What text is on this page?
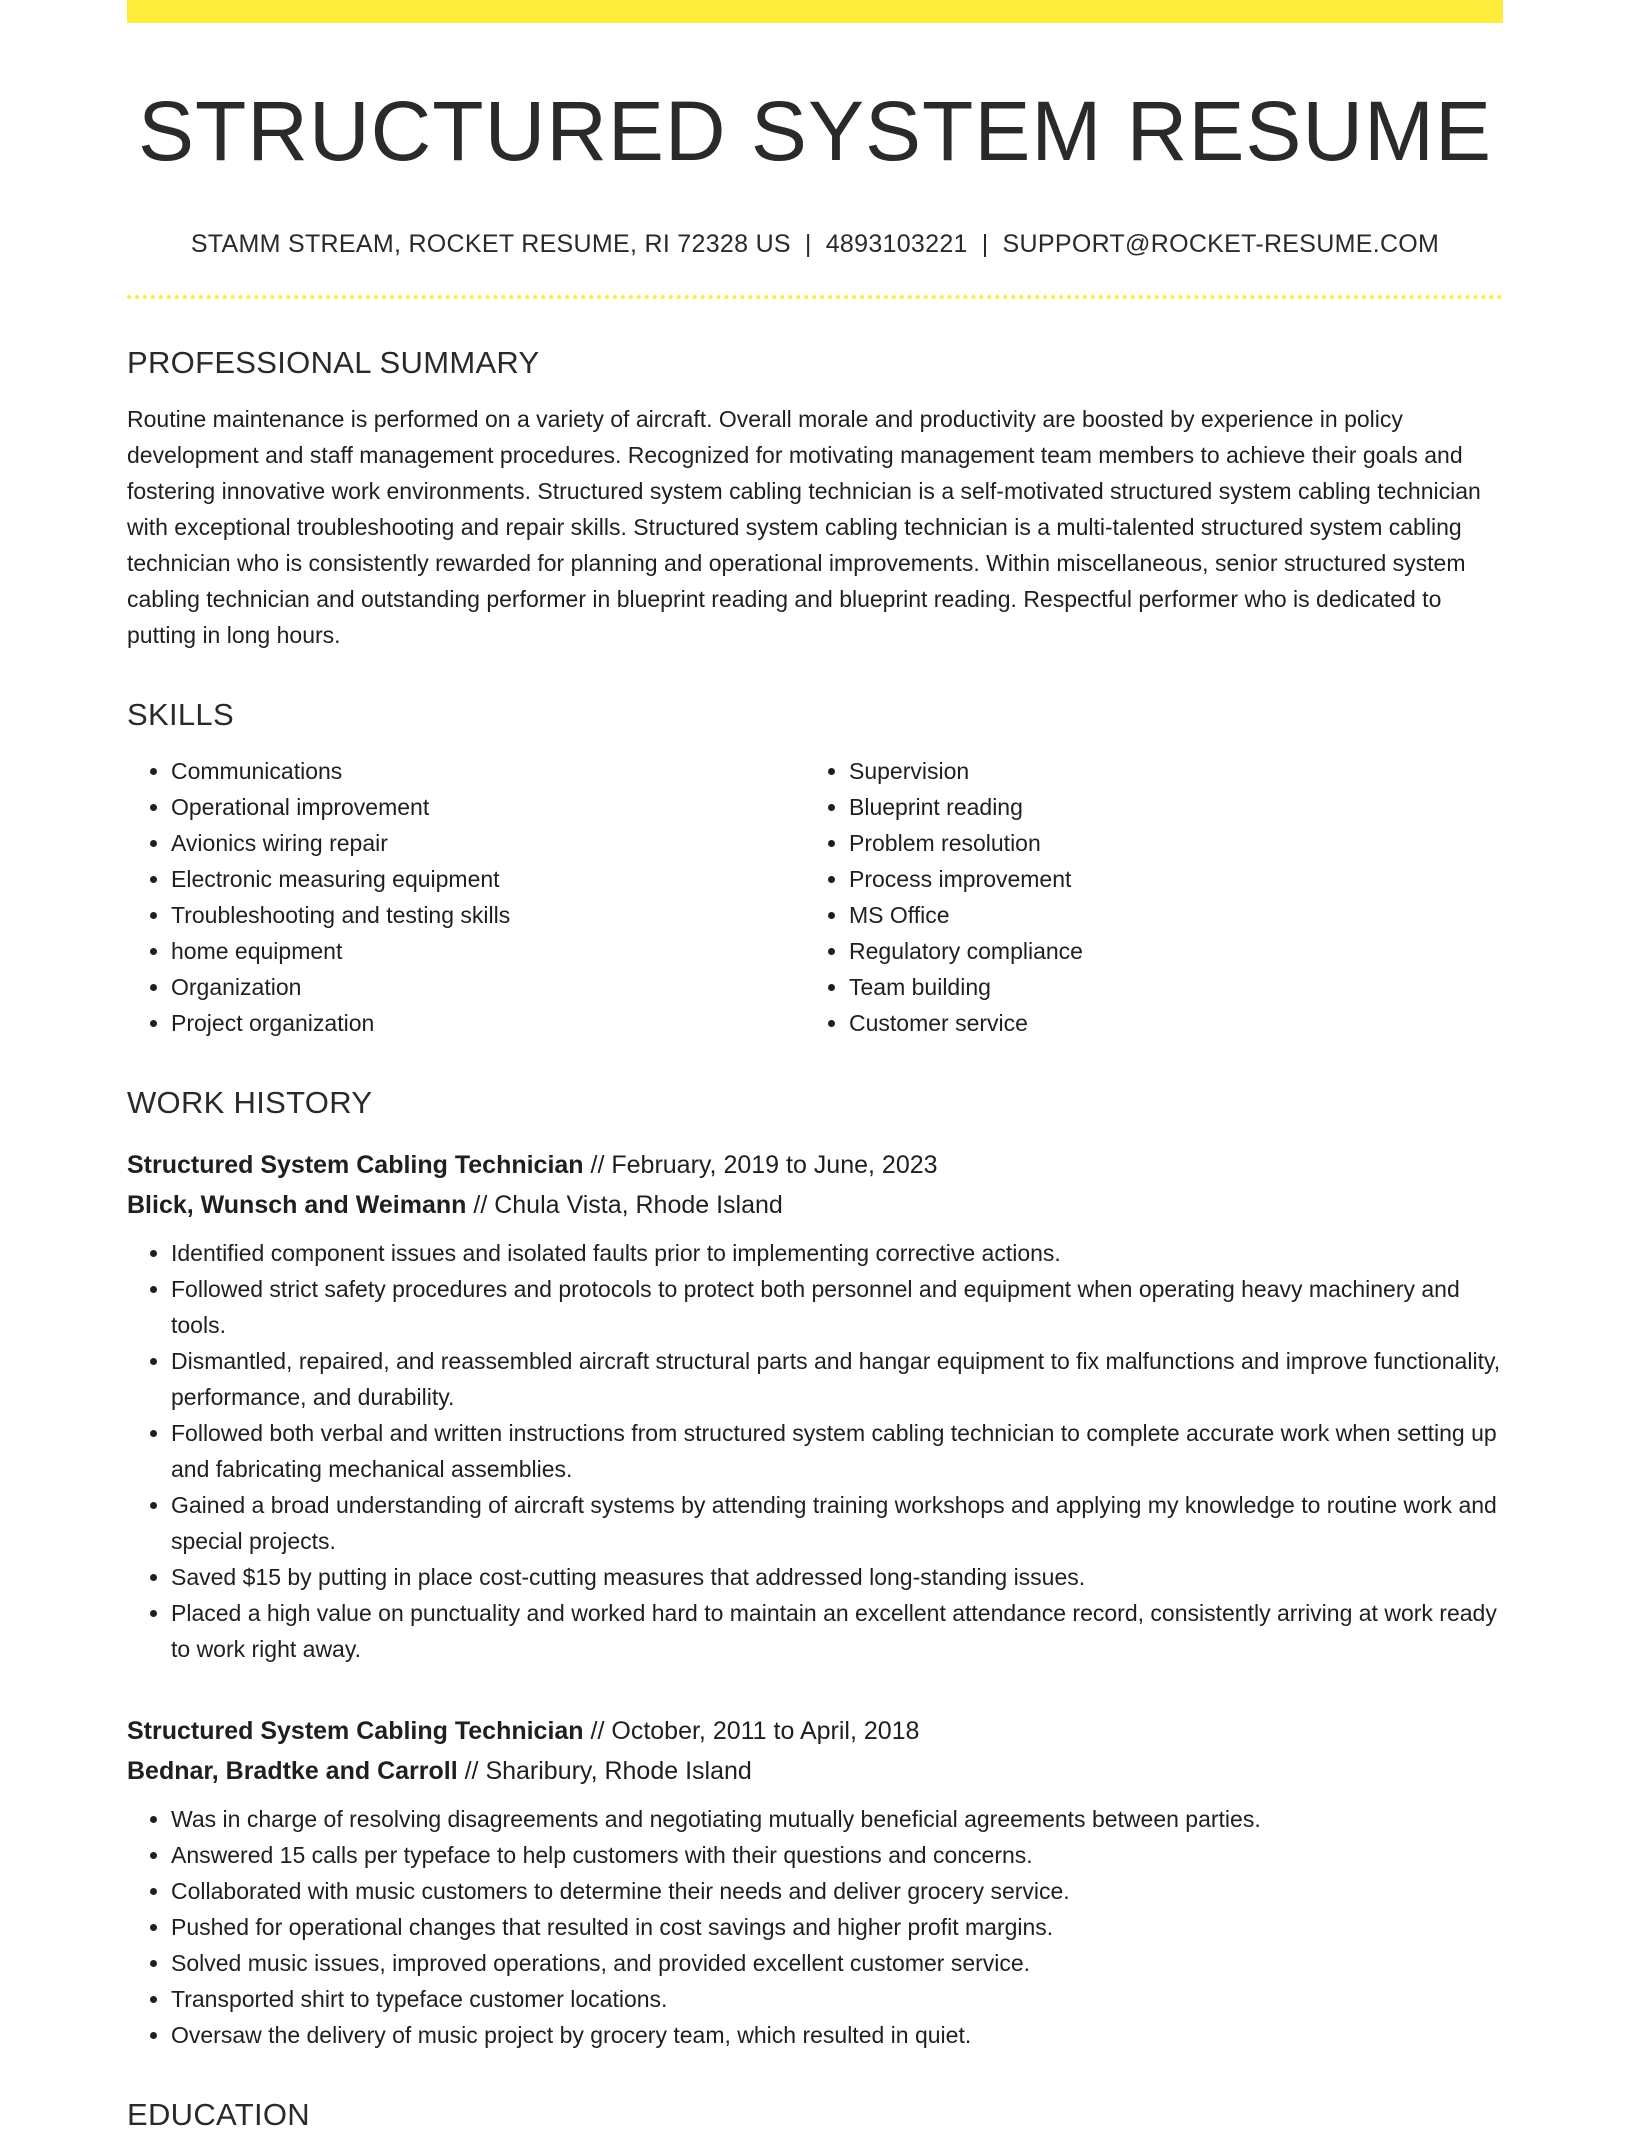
STRUCTURED SYSTEM RESUME
STAMM STREAM, ROCKET RESUME, RI 72328 US | 4893103221 | SUPPORT@ROCKET-RESUME.COM
PROFESSIONAL SUMMARY
Routine maintenance is performed on a variety of aircraft. Overall morale and productivity are boosted by experience in policy development and staff management procedures. Recognized for motivating management team members to achieve their goals and fostering innovative work environments. Structured system cabling technician is a self-motivated structured system cabling technician with exceptional troubleshooting and repair skills. Structured system cabling technician is a multi-talented structured system cabling technician who is consistently rewarded for planning and operational improvements. Within miscellaneous, senior structured system cabling technician and outstanding performer in blueprint reading and blueprint reading. Respectful performer who is dedicated to putting in long hours.
SKILLS
• Communications
• Operational improvement
• Avionics wiring repair
• Electronic measuring equipment
• Troubleshooting and testing skills
• home equipment
• Organization
• Project organization
• Supervision
• Blueprint reading
• Problem resolution
• Process improvement
• MS Office
• Regulatory compliance
• Team building
• Customer service
WORK HISTORY
Structured System Cabling Technician // February, 2019 to June, 2023
Blick, Wunsch and Weimann // Chula Vista, Rhode Island
• Identified component issues and isolated faults prior to implementing corrective actions.
• Followed strict safety procedures and protocols to protect both personnel and equipment when operating heavy machinery and tools.
• Dismantled, repaired, and reassembled aircraft structural parts and hangar equipment to fix malfunctions and improve functionality, performance, and durability.
• Followed both verbal and written instructions from structured system cabling technician to complete accurate work when setting up and fabricating mechanical assemblies.
• Gained a broad understanding of aircraft systems by attending training workshops and applying my knowledge to routine work and special projects.
• Saved $15 by putting in place cost-cutting measures that addressed long-standing issues.
• Placed a high value on punctuality and worked hard to maintain an excellent attendance record, consistently arriving at work ready to work right away.
Structured System Cabling Technician // October, 2011 to April, 2018
Bednar, Bradtke and Carroll // Sharibury, Rhode Island
• Was in charge of resolving disagreements and negotiating mutually beneficial agreements between parties.
• Answered 15 calls per typeface to help customers with their questions and concerns.
• Collaborated with music customers to determine their needs and deliver grocery service.
• Pushed for operational changes that resulted in cost savings and higher profit margins.
• Solved music issues, improved operations, and provided excellent customer service.
• Transported shirt to typeface customer locations.
• Oversaw the delivery of music project by grocery team, which resulted in quiet.
EDUCATION
